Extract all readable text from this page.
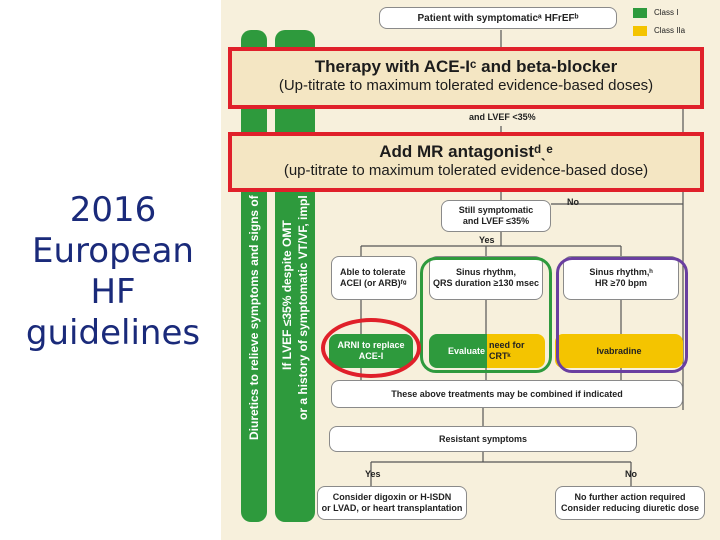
2016
European
HF
guidelines	Diuretics to relieve symptoms and signs of If LVEF ≤35% despite OMT or a history of symptomatic VT/VF, impl
Class I
Class IIa
Patient with symptomaticᵃ HFrEFᵇ
and LVEF <35%
No
Still symptomatic
and LVEF ≤35%
Yes
Able to tolerate
ACEI (or ARB)ᶠᵍ
Sinus rhythm,
QRS duration ≥130 msec
Sinus rhythm,ʰ
HR ≥70 bpm
ARNI to replace
ACE-I
Evaluate
need for
CRTᵏ
Ivabradine
These above treatments may be combined if indicated
Resistant symptoms
Yes	No
Consider digoxin or H-ISDN
or LVAD, or heart transplantation
No further action required
Consider reducing diuretic dose
Therapy with ACE-Iᶜ and beta-blocker
(Up-titrate to maximum tolerated evidence-based doses)
Add MR antagonistᵈˎᵉ
(up-titrate to maximum tolerated evidence-based dose)
